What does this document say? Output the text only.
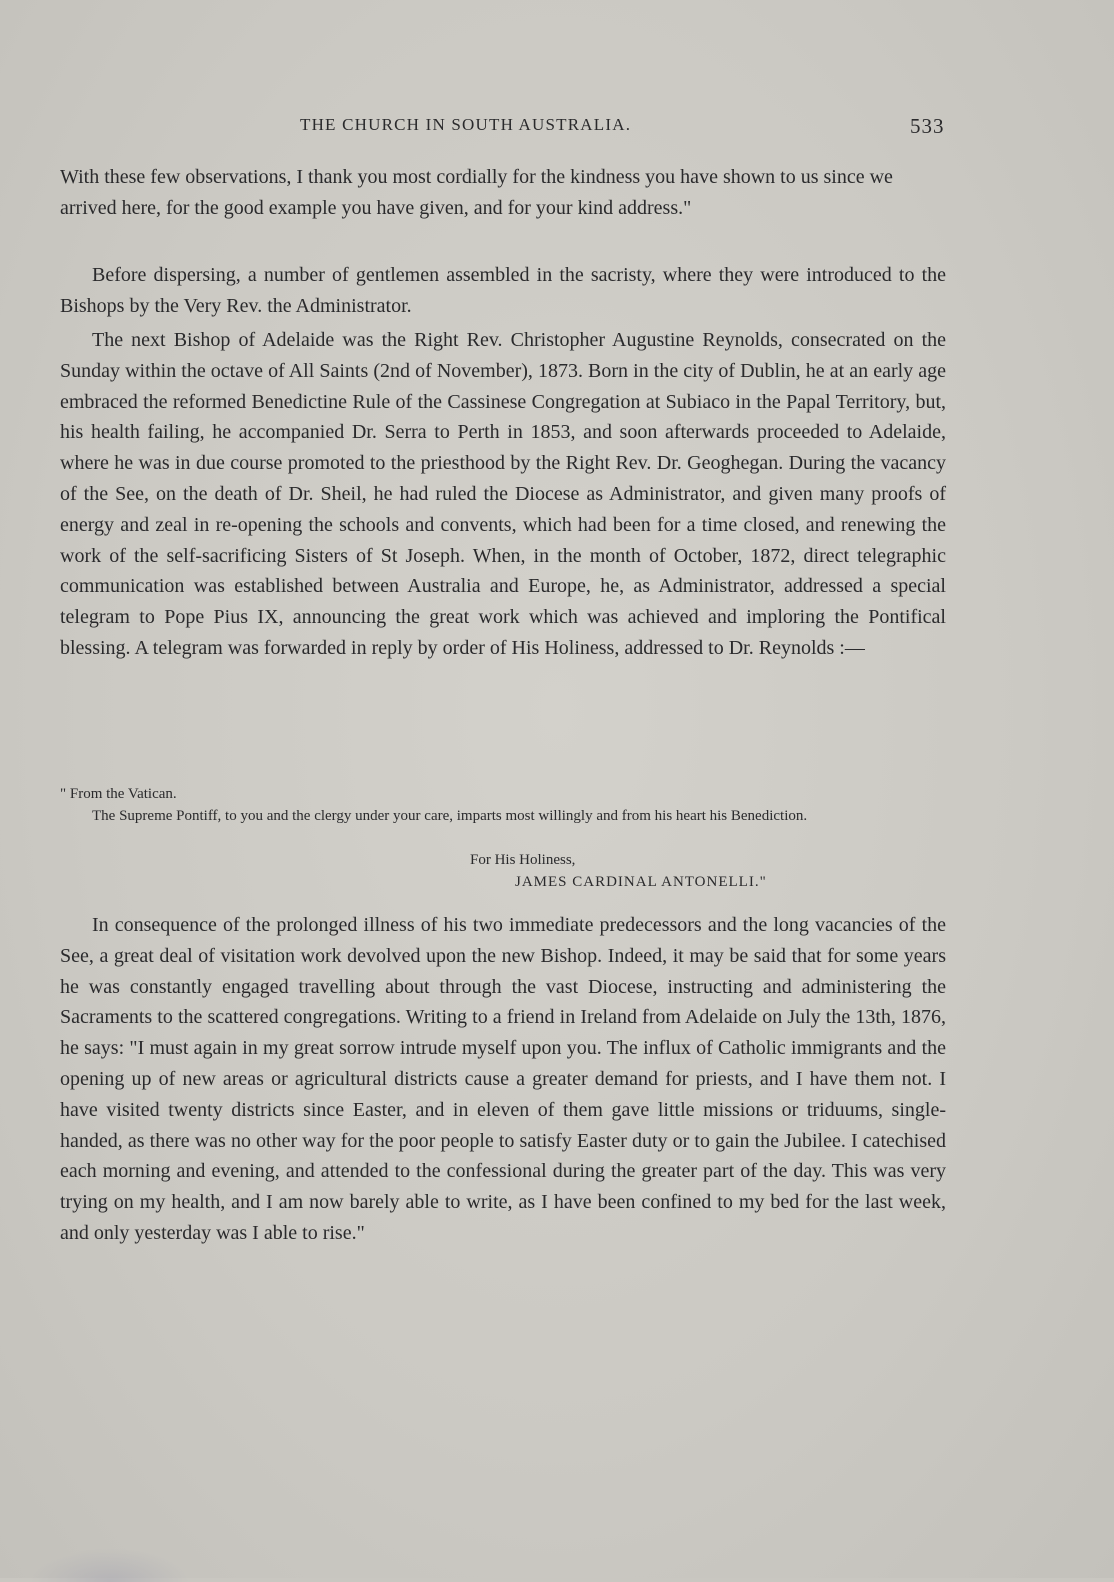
THE CHURCH IN SOUTH AUSTRALIA.	533

With these few observations, I thank you most cordially for the kindness you have shown to us since we arrived here, for the good example you have given, and for your kind address."

Before dispersing, a number of gentlemen assembled in the sacristy, where they were introduced to the Bishops by the Very Rev. the Administrator.

The next Bishop of Adelaide was the Right Rev. Christopher Augustine Reynolds, consecrated on the Sunday within the octave of All Saints (2nd of November), 1873. Born in the city of Dublin, he at an early age embraced the reformed Benedictine Rule of the Cassinese Congregation at Subiaco in the Papal Territory, but, his health failing, he accompanied Dr. Serra to Perth in 1853, and soon afterwards proceeded to Adelaide, where he was in due course promoted to the priesthood by the Right Rev. Dr. Geoghegan. During the vacancy of the See, on the death of Dr. Sheil, he had ruled the Diocese as Administrator, and given many proofs of energy and zeal in re-opening the schools and convents, which had been for a time closed, and renewing the work of the self-sacrificing Sisters of St Joseph. When, in the month of October, 1872, direct telegraphic communication was established between Australia and Europe, he, as Administrator, addressed a special telegram to Pope Pius IX, announcing the great work which was achieved and imploring the Pontifical blessing. A telegram was forwarded in reply by order of His Holiness, addressed to Dr. Reynolds :—

" From the Vatican.
The Supreme Pontiff, to you and the clergy under your care, imparts most willingly and from his heart his Benediction.
For His Holiness,
JAMES CARDINAL ANTONELLI."

In consequence of the prolonged illness of his two immediate predecessors and the long vacancies of the See, a great deal of visitation work devolved upon the new Bishop. Indeed, it may be said that for some years he was constantly engaged travelling about through the vast Diocese, instructing and administering the Sacraments to the scattered congregations. Writing to a friend in Ireland from Adelaide on July the 13th, 1876, he says: "I must again in my great sorrow intrude myself upon you. The influx of Catholic immigrants and the opening up of new areas or agricultural districts cause a greater demand for priests, and I have them not. I have visited twenty districts since Easter, and in eleven of them gave little missions or triduums, single-handed, as there was no other way for the poor people to satisfy Easter duty or to gain the Jubilee. I catechised each morning and evening, and attended to the confessional during the greater part of the day. This was very trying on my health, and I am now barely able to write, as I have been confined to my bed for the last week, and only yesterday was I able to rise."
